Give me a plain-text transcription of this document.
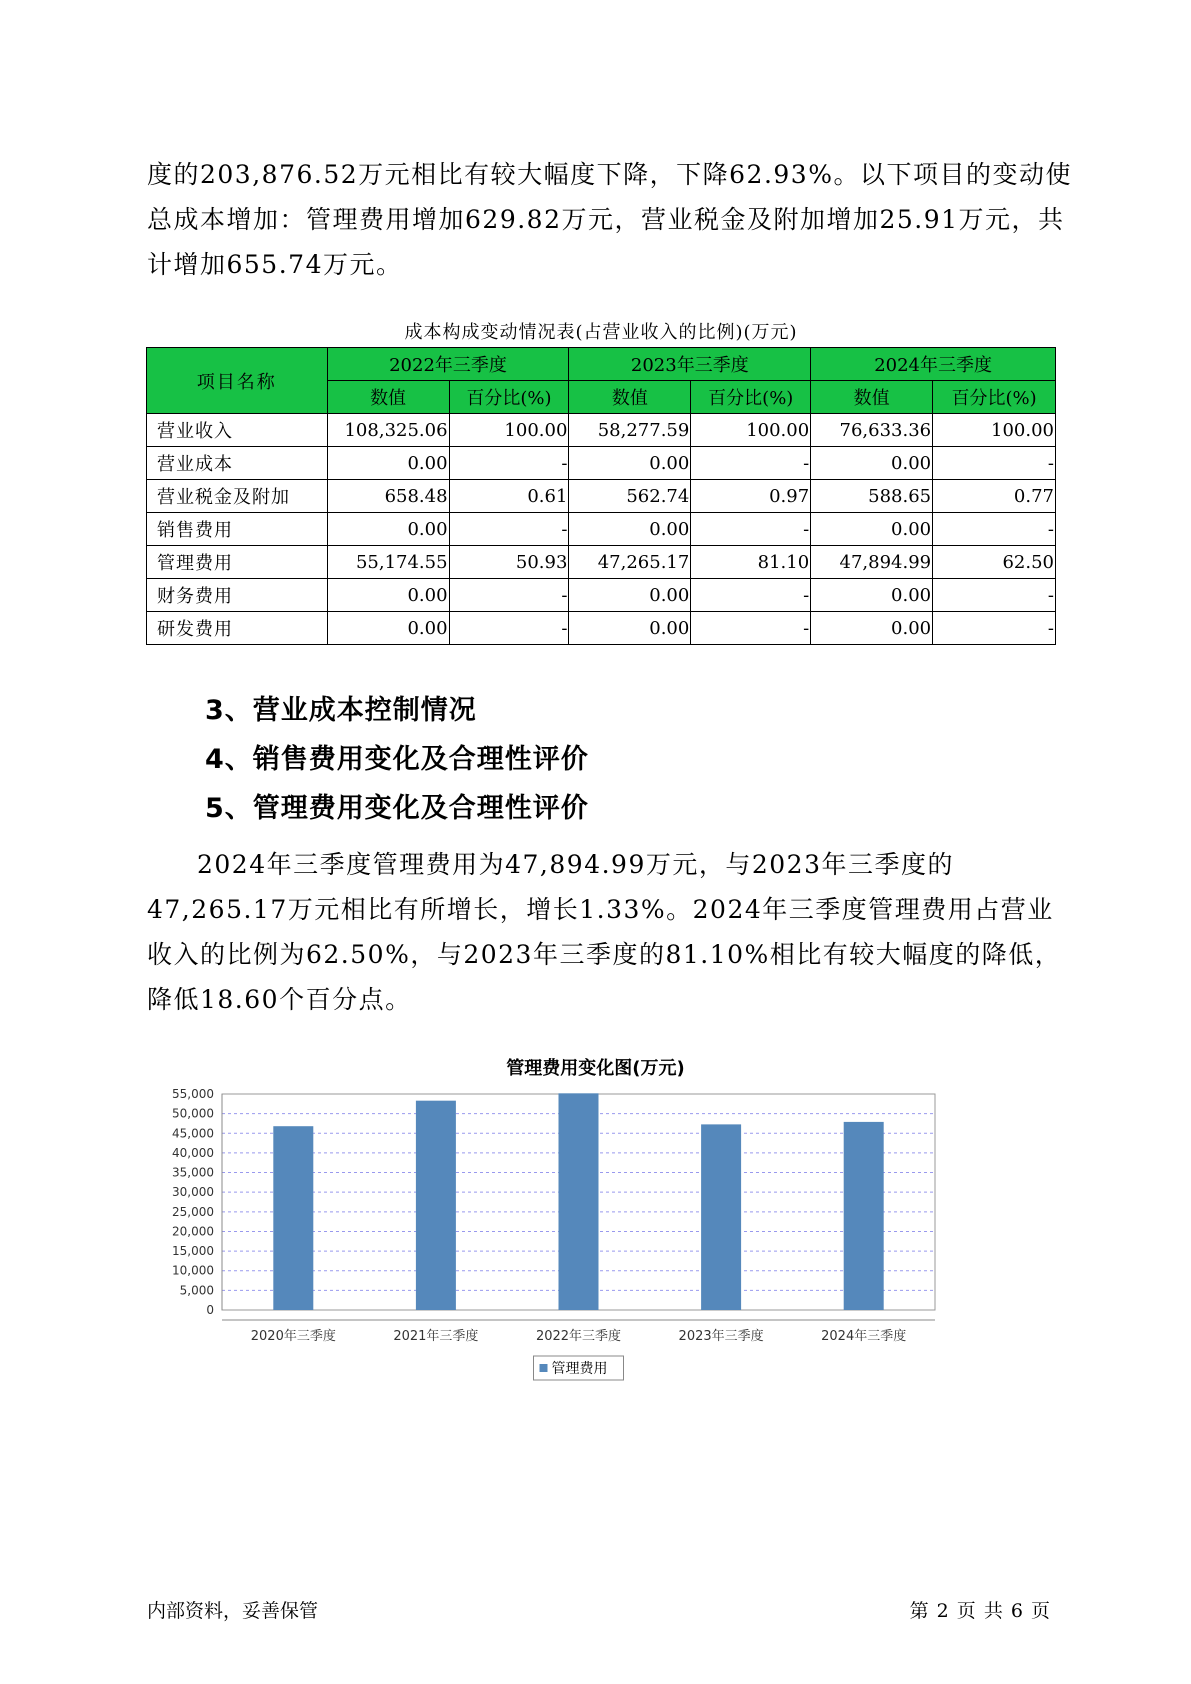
度的203,876.52万元相比有较大幅度下降，下降62.93%。以下项目的变动使总成本增加：管理费用增加629.82万元，营业税金及附加增加25.91万元，共计增加655.74万元。

成本构成变动情况表(占营业收入的比例)(万元)
项目名称	2022年三季度		2023年三季度		2024年三季度	
	数值	百分比(%)	数值	百分比(%)	数值	百分比(%)
营业收入	108,325.06	100.00	58,277.59	100.00	76,633.36	100.00
营业成本	0.00	-	0.00	-	0.00	-
营业税金及附加	658.48	0.61	562.74	0.97	588.65	0.77
销售费用	0.00	-	0.00	-	0.00	-
管理费用	55,174.55	50.93	47,265.17	81.10	47,894.99	62.50
财务费用	0.00	-	0.00	-	0.00	-
研发费用	0.00	-	0.00	-	0.00	-
3、营业成本控制情况
4、销售费用变化及合理性评价
5、管理费用变化及合理性评价

2024年三季度管理费用为47,894.99万元，与2023年三季度的47,265.17万元相比有所增长，增长1.33%。2024年三季度管理费用占营业收入的比例为62.50%，与2023年三季度的81.10%相比有较大幅度的降低，降低18.60个百分点。

管理费用变化图(万元)
0
5,000
10,000
15,000
20,000
25,000
30,000
35,000
40,000
45,000
50,000
55,000
2020年三季度	2021年三季度	2022年三季度	2023年三季度	2024年三季度
管理费用
内部资料，妥善保管	第 2 页 共 6 页
